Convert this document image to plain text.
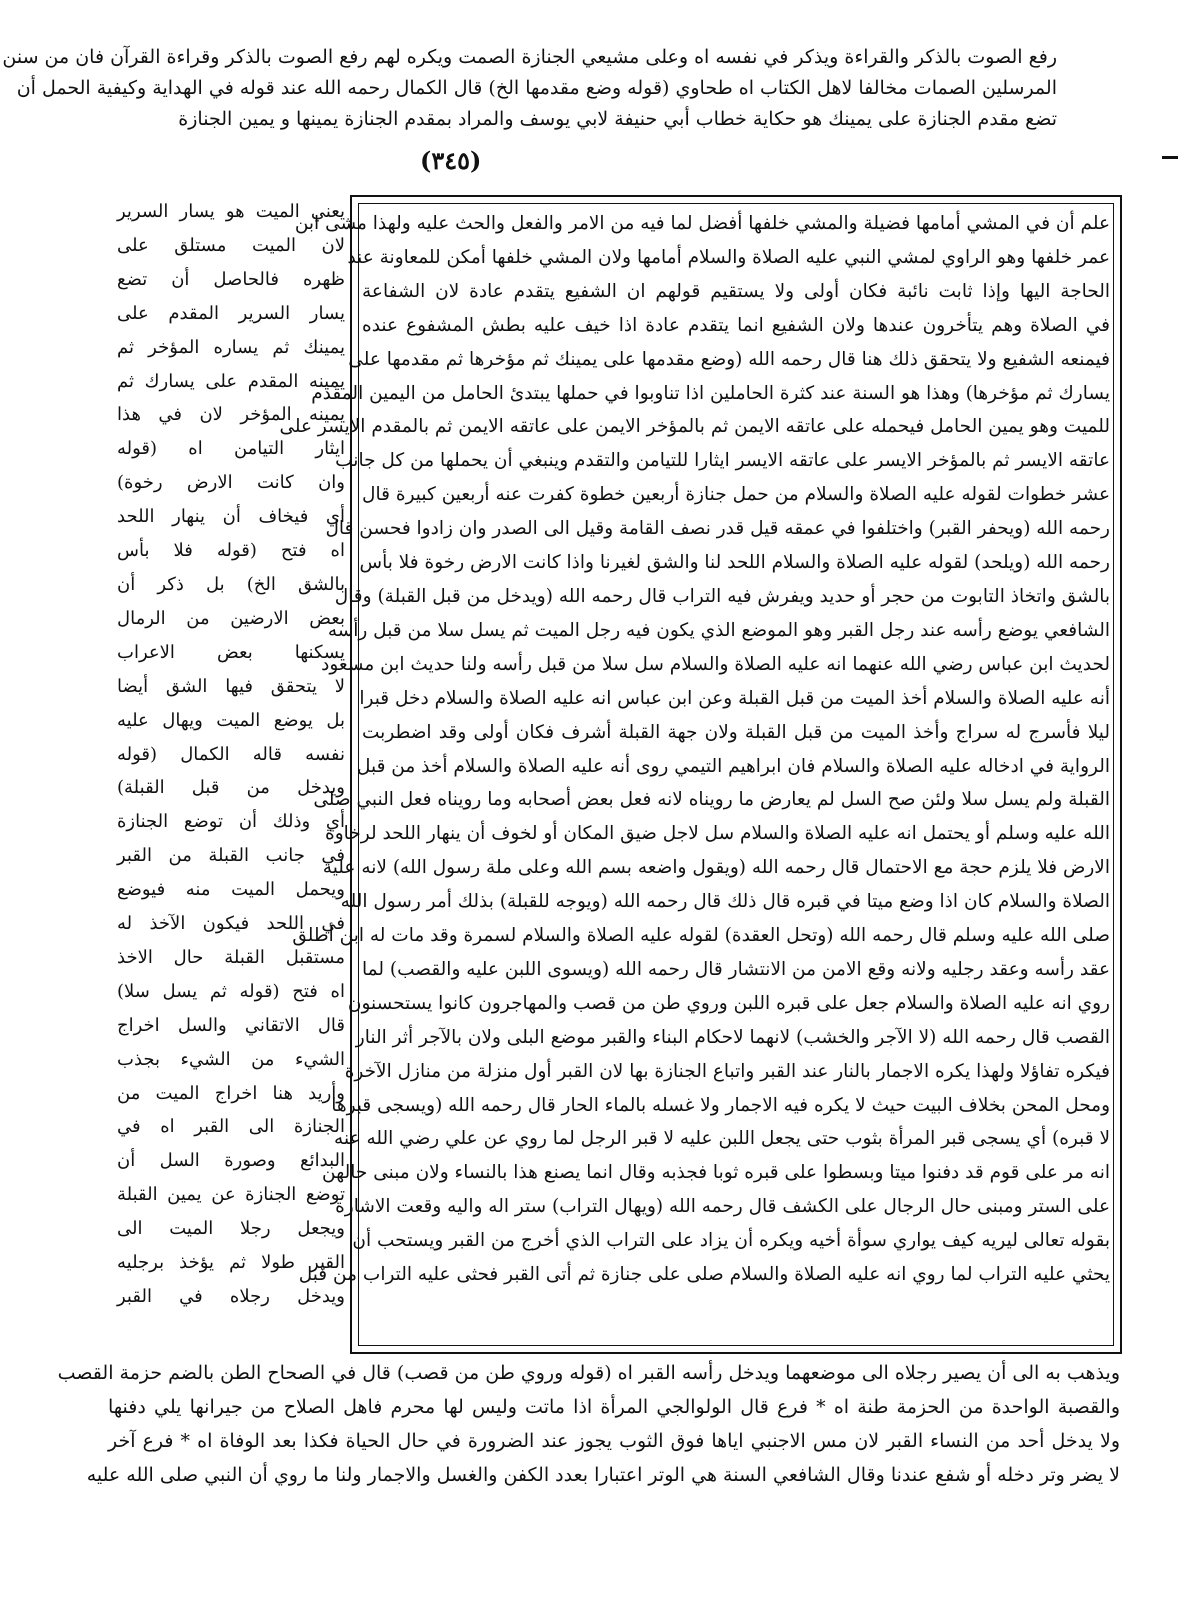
رفع الصوت بالذكر والقراءة ويذكر في نفسه اه وعلى مشيعي الجنازة الصمت ويكره لهم رفع الصوت بالذكر وقراءة القرآن فان من سنن
المرسلين الصمات مخالفا لاهل الكتاب اه طحاوي (قوله وضع مقدمها الخ) قال الكمال رحمه الله عند قوله في الهداية وكيفية الحمل أن
تضع مقدم الجنازة على يمينك هو حكاية خطاب أبي حنيفة لابي يوسف والمراد بمقدم الجنازة يمينها و يمين الجنازة
(٣٤٥)
علم أن في المشي أمامها فضيلة والمشي خلفها أفضل لما فيه من الامر والفعل والحث عليه ولهذا مشى ابن
عمر خلفها وهو الراوي لمشي النبي عليه الصلاة والسلام أمامها ولان المشي خلفها أمكن للمعاونة عند
الحاجة اليها وإذا ثابت نائبة فكان أولى ولا يستقيم قولهم ان الشفيع يتقدم عادة لان الشفاعة
في الصلاة وهم يتأخرون عندها ولان الشفيع انما يتقدم عادة اذا خيف عليه بطش المشفوع عنده
فيمنعه الشفيع ولا يتحقق ذلك هنا قال رحمه الله (وضع مقدمها على يمينك ثم مؤخرها ثم مقدمها على
يسارك ثم مؤخرها) وهذا هو السنة عند كثرة الحاملين اذا تناوبوا في حملها يبتدئ الحامل من اليمين المقدم
للميت وهو يمين الحامل فيحمله على عاتقه الايمن ثم بالمؤخر الايمن على عاتقه الايمن ثم بالمقدم الايسر على
عاتقه الايسر ثم بالمؤخر الايسر على عاتقه الايسر ايثارا للتيامن والتقدم وينبغي أن يحملها من كل جانب
عشر خطوات لقوله عليه الصلاة والسلام من حمل جنازة أربعين خطوة كفرت عنه أربعين كبيرة قال
رحمه الله (ويحفر القبر) واختلفوا في عمقه قيل قدر نصف القامة وقيل الى الصدر وان زادوا فحسن قال
رحمه الله (ويلحد) لقوله عليه الصلاة والسلام اللحد لنا والشق لغيرنا واذا كانت الارض رخوة فلا بأس
بالشق واتخاذ التابوت من حجر أو حديد ويفرش فيه التراب قال رحمه الله (ويدخل من قبل القبلة) وقال
الشافعي يوضع رأسه عند رجل القبر وهو الموضع الذي يكون فيه رجل الميت ثم يسل سلا من قبل رأسه
لحديث ابن عباس رضي الله عنهما انه عليه الصلاة والسلام سل سلا من قبل رأسه ولنا حديث ابن مسعود
أنه عليه الصلاة والسلام أخذ الميت من قبل القبلة وعن ابن عباس انه عليه الصلاة والسلام دخل قبرا
ليلا فأسرج له سراج وأخذ الميت من قبل القبلة ولان جهة القبلة أشرف فكان أولى وقد اضطربت
الرواية في ادخاله عليه الصلاة والسلام فان ابراهيم التيمي روى أنه عليه الصلاة والسلام أخذ من قبل
القبلة ولم يسل سلا ولئن صح السل لم يعارض ما رويناه لانه فعل بعض أصحابه وما رويناه فعل النبي صلى
الله عليه وسلم أو يحتمل انه عليه الصلاة والسلام سل لاجل ضيق المكان أو لخوف أن ينهار اللحد لرخاوة
الارض فلا يلزم حجة مع الاحتمال قال رحمه الله (ويقول واضعه بسم الله وعلى ملة رسول الله) لانه عليه
الصلاة والسلام كان اذا وضع ميتا في قبره قال ذلك قال رحمه الله (ويوجه للقبلة) بذلك أمر رسول الله
صلى الله عليه وسلم قال رحمه الله (وتحل العقدة) لقوله عليه الصلاة والسلام لسمرة وقد مات له ابن أطلق
عقد رأسه وعقد رجليه ولانه وقع الامن من الانتشار قال رحمه الله (ويسوى اللبن عليه والقصب) لما
روي انه عليه الصلاة والسلام جعل على قبره اللبن وروي طن من قصب والمهاجرون كانوا يستحسنون
القصب قال رحمه الله (لا الآجر والخشب) لانهما لاحكام البناء والقبر موضع البلى ولان بالآجر أثر النار
فيكره تفاؤلا ولهذا يكره الاجمار بالنار عند القبر واتباع الجنازة بها لان القبر أول منزلة من منازل الآخرة
ومحل المحن بخلاف البيت حيث لا يكره فيه الاجمار ولا غسله بالماء الحار قال رحمه الله (ويسجى قبرها
لا قبره) أي يسجى قبر المرأة بثوب حتى يجعل اللبن عليه لا قبر الرجل لما روي عن علي رضي الله عنه
انه مر على قوم قد دفنوا ميتا وبسطوا على قبره ثوبا فجذبه وقال انما يصنع هذا بالنساء ولان مبنى حالهن
على الستر ومبنى حال الرجال على الكشف قال رحمه الله (ويهال التراب) ستر اله واليه وقعت الاشارة
بقوله تعالى ليريه كيف يواري سوأة أخيه ويكره أن يزاد على التراب الذي أخرج من القبر ويستحب أن
يحثي عليه التراب لما روي انه عليه الصلاة والسلام صلى على جنازة ثم أتى القبر فحثى عليه التراب من قبل
يعني الميت هو يسار السرير
لان الميت مستلق على
ظهره فالحاصل أن تضع
يسار السرير المقدم على
يمينك ثم يساره المؤخر ثم
يمينه المقدم على يسارك ثم
يمينه المؤخر لان في هذا
ايثار التيامن اه (قوله
وان كانت الارض رخوة)
أي فيخاف أن ينهار اللحد
اه فتح (قوله فلا بأس
بالشق الخ) بل ذكر أن
بعض الارضين من الرمال
يسكنها بعض الاعراب
لا يتحقق فيها الشق أيضا
بل يوضع الميت ويهال عليه
نفسه قاله الكمال (قوله
ويدخل من قبل القبلة)
أي وذلك أن توضع الجنازة
في جانب القبلة من القبر
ويحمل الميت منه فيوضع
في اللحد فيكون الآخذ له
مستقبل القبلة حال الاخذ
اه فتح (قوله ثم يسل سلا)
قال الاتقاني والسل اخراج
الشيء من الشيء بجذب
وأريد هنا اخراج الميت من
الجنازة الى القبر اه في
البدائع وصورة السل أن
توضع الجنازة عن يمين القبلة
ويجعل رجلا الميت الى
القبر طولا ثم يؤخذ برجليه
ويدخل رجلاه في القبر
ويذهب به الى أن يصير رجلاه الى موضعهما ويدخل رأسه القبر اه (قوله وروي طن من قصب) قال في الصحاح الطن بالضم حزمة القصب
والقصبة الواحدة من الحزمة طنة اه * فرع قال الولوالجي المرأة اذا ماتت وليس لها محرم فاهل الصلاح من جيرانها يلي دفنها
ولا يدخل أحد من النساء القبر لان مس الاجنبي اياها فوق الثوب يجوز عند الضرورة في حال الحياة فكذا بعد الوفاة اه * فرع آخر
لا يضر وتر دخله أو شفع عندنا وقال الشافعي السنة هي الوتر اعتبارا بعدد الكفن والغسل والاجمار ولنا ما روي أن النبي صلى الله عليه
